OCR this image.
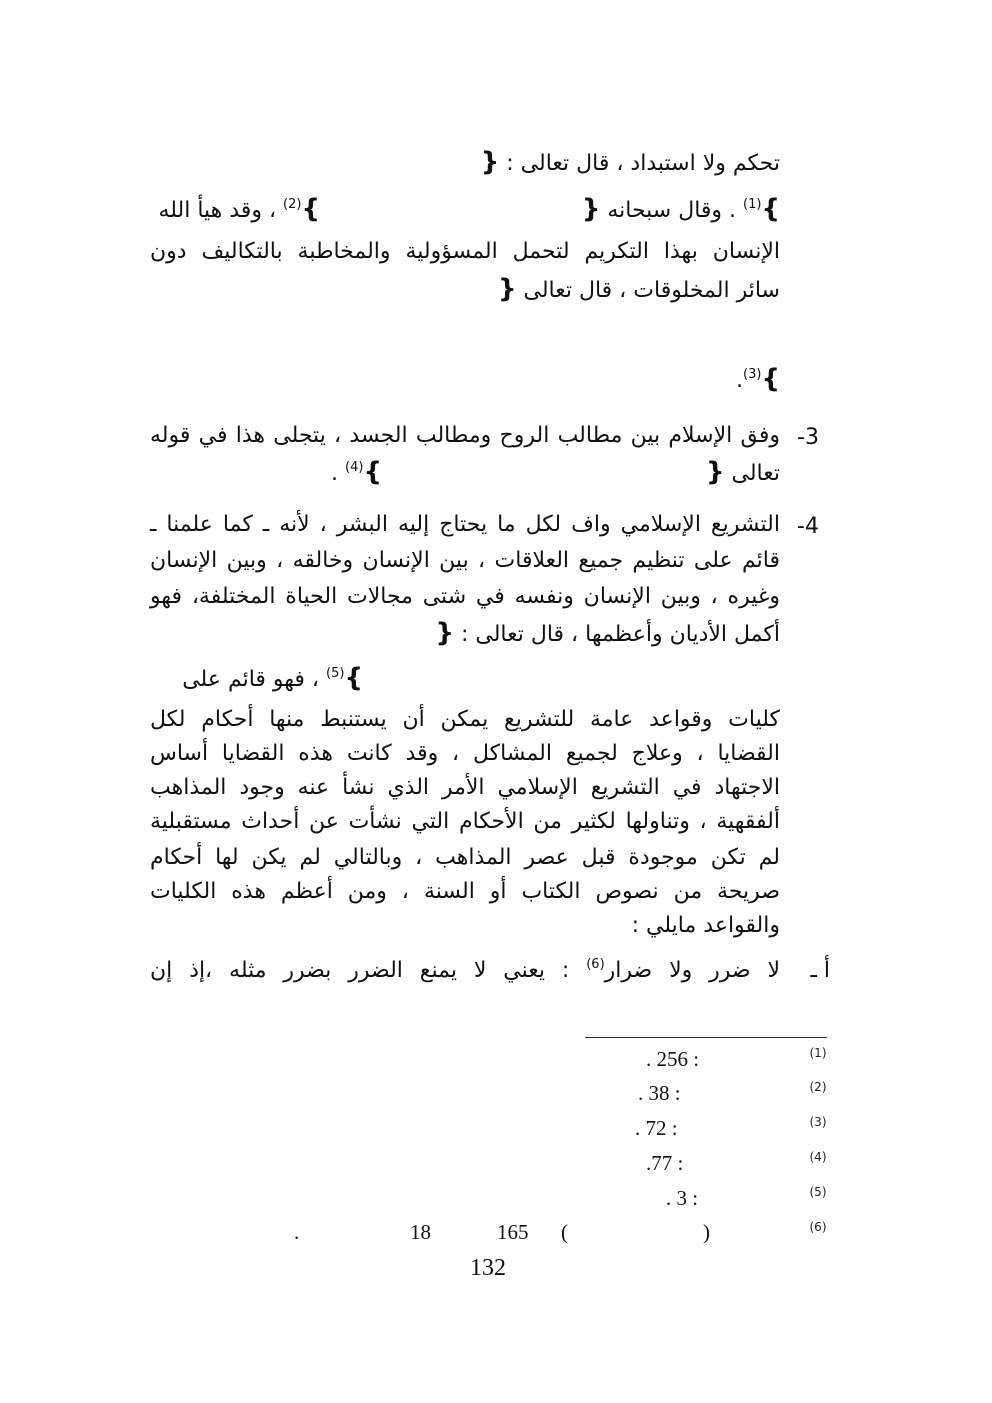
تحكم ولا استبداد ، قال تعالى : {
}$^{(1)}$ . وقال سبحانه {
}$^{(2)}$ ، وقد هيأ الله
الإنسان بهذا التكريم لتحمل المسؤولية والمخاطبة بالتكاليف دون
سائر المخلوقات ، قال تعالى {
}$^{(3)}$.
-3
وفق الإسلام بين مطالب الروح ومطالب الجسد ، يتجلى هذا في قوله
تعالى {
}$^{(4)}$ .
-4
التشريع الإسلامي واف لكل ما يحتاج إليه البشر ، لأنه ـ كما علمنا ـ
قائم على تنظيم جميع العلاقات ، بين الإنسان وخالقه ، وبين الإنسان
وغيره ، وبين الإنسان ونفسه في شتى مجالات الحياة المختلفة، فهو
أكمل الأديان وأعظمها ، قال تعالى : {
}$^{(5)}$ ، فهو قائم على
كليات وقواعد عامة للتشريع يمكن أن يستنبط منها أحكام لكل
القضايا ، وعلاج لجميع المشاكل ، وقد كانت هذه القضايا أساس
الاجتهاد في التشريع الإسلامي الأمر الذي نشأ عنه وجود المذاهب
ألفقهية ، وتناولها لكثير من الأحكام التي نشأت عن أحداث مستقبلية
لم تكن موجودة قبل عصر المذاهب ، وبالتالي لم يكن لها أحكام
صريحة من نصوص الكتاب أو السنة ، ومن أعظم هذه الكليات
والقواعد مايلي :
أ ـ
لا ضرر ولا ضرار$^{(6)}$ : يعني لا يمنع الضرر بضرر مثله ،إذ إن
(1)
. 256 :
(2)
. 38 :
(3)
. 72 :
(4)
.77 :
(5)
. 3 :
(6)
)
(
165
18
.
132
